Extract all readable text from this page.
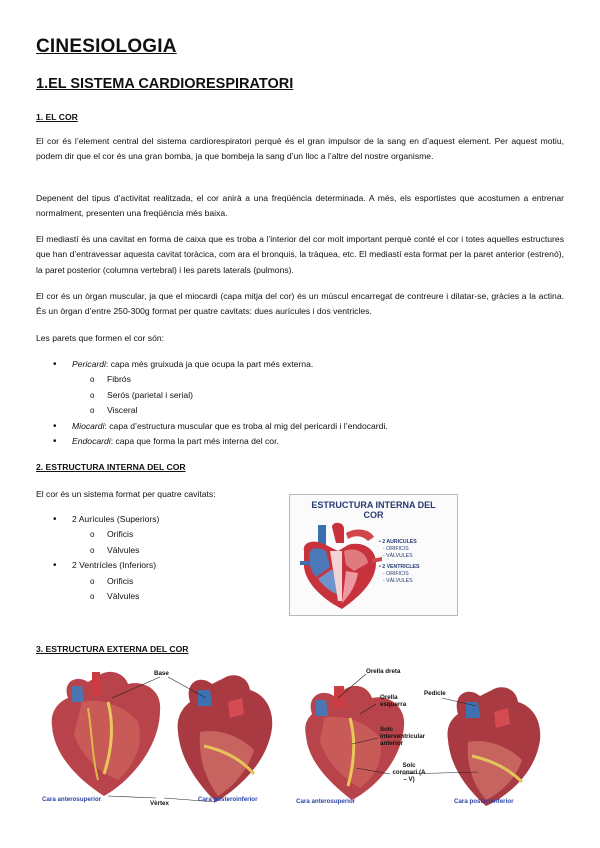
CINESIOLOGIA
1.EL SISTEMA CARDIORESPIRATORI
1. EL COR

El cor és l’element central del sistema cardiorespiratori perquè és el gran impulsor de la sang en d’aquest element. Per aquest motiu, podem dir que el cor és una gran bomba, ja que bombeja la sang d’un lloc a l’altre del nostre organisme.

Depenent del tipus d’activitat realitzada, el cor anirà a una freqüència determinada. A més, els esportistes que acostumen a entrenar normalment, presenten una freqüència més baixa.

El mediastí és una cavitat en forma de caixa que es troba a l’interior del cor molt important perquè conté el cor i totes aquelles estructures que han d’entravessar aquesta cavitat toràcica, com ara el bronquis, la tràquea, etc. El mediastí esta format per la paret anterior (estrenó), la paret posterior (columna vertebral) i les parets laterals (pulmons).

El cor és un òrgan muscular, ja que el miocardi (capa mitja del cor) és un múscul encarregat de contreure i dilatar-se, gràcies a la actina. És un òrgan d’entre 250-300g format per quatre cavitats: dues aurícules i dos ventricles.

Les parets que formen el cor són:

• Pericardi: capa més gruixuda ja que ocupa la part més externa.
o Fibrós
o Serós (parietal i serial)
o Visceral
• Miocardi: capa d’estructura muscular que es troba al mig del pericardi i l’endocardi.
• Endocardi: capa que forma la part més interna del cor.
2. ESTRUCTURA INTERNA DEL COR

El cor és un sistema format per quatre cavitats:

• 2 Aurícules (Superiors)
o Orificis
o Vàlvules
• 2 Ventrícles (Inferiors)
o Orificis
o Vàlvules
3. ESTRUCTURA EXTERNA DEL COR
ESTRUCTURA INTERNA DEL
COR
• 2 AURICULES
- ORIFICIS
- VÀLVULES
• 2 VENTRICLES
- ORIFICIS
- VÀLVULES
Base
Vèrtex
Cara anterosuperior	Cara posteroinferior
Orella dreta
Orella esquerra
Pedicle
Solc interventricular anterior
Solc coronari (A – V)
Cara anterosuperior	Cara posteroinferior
